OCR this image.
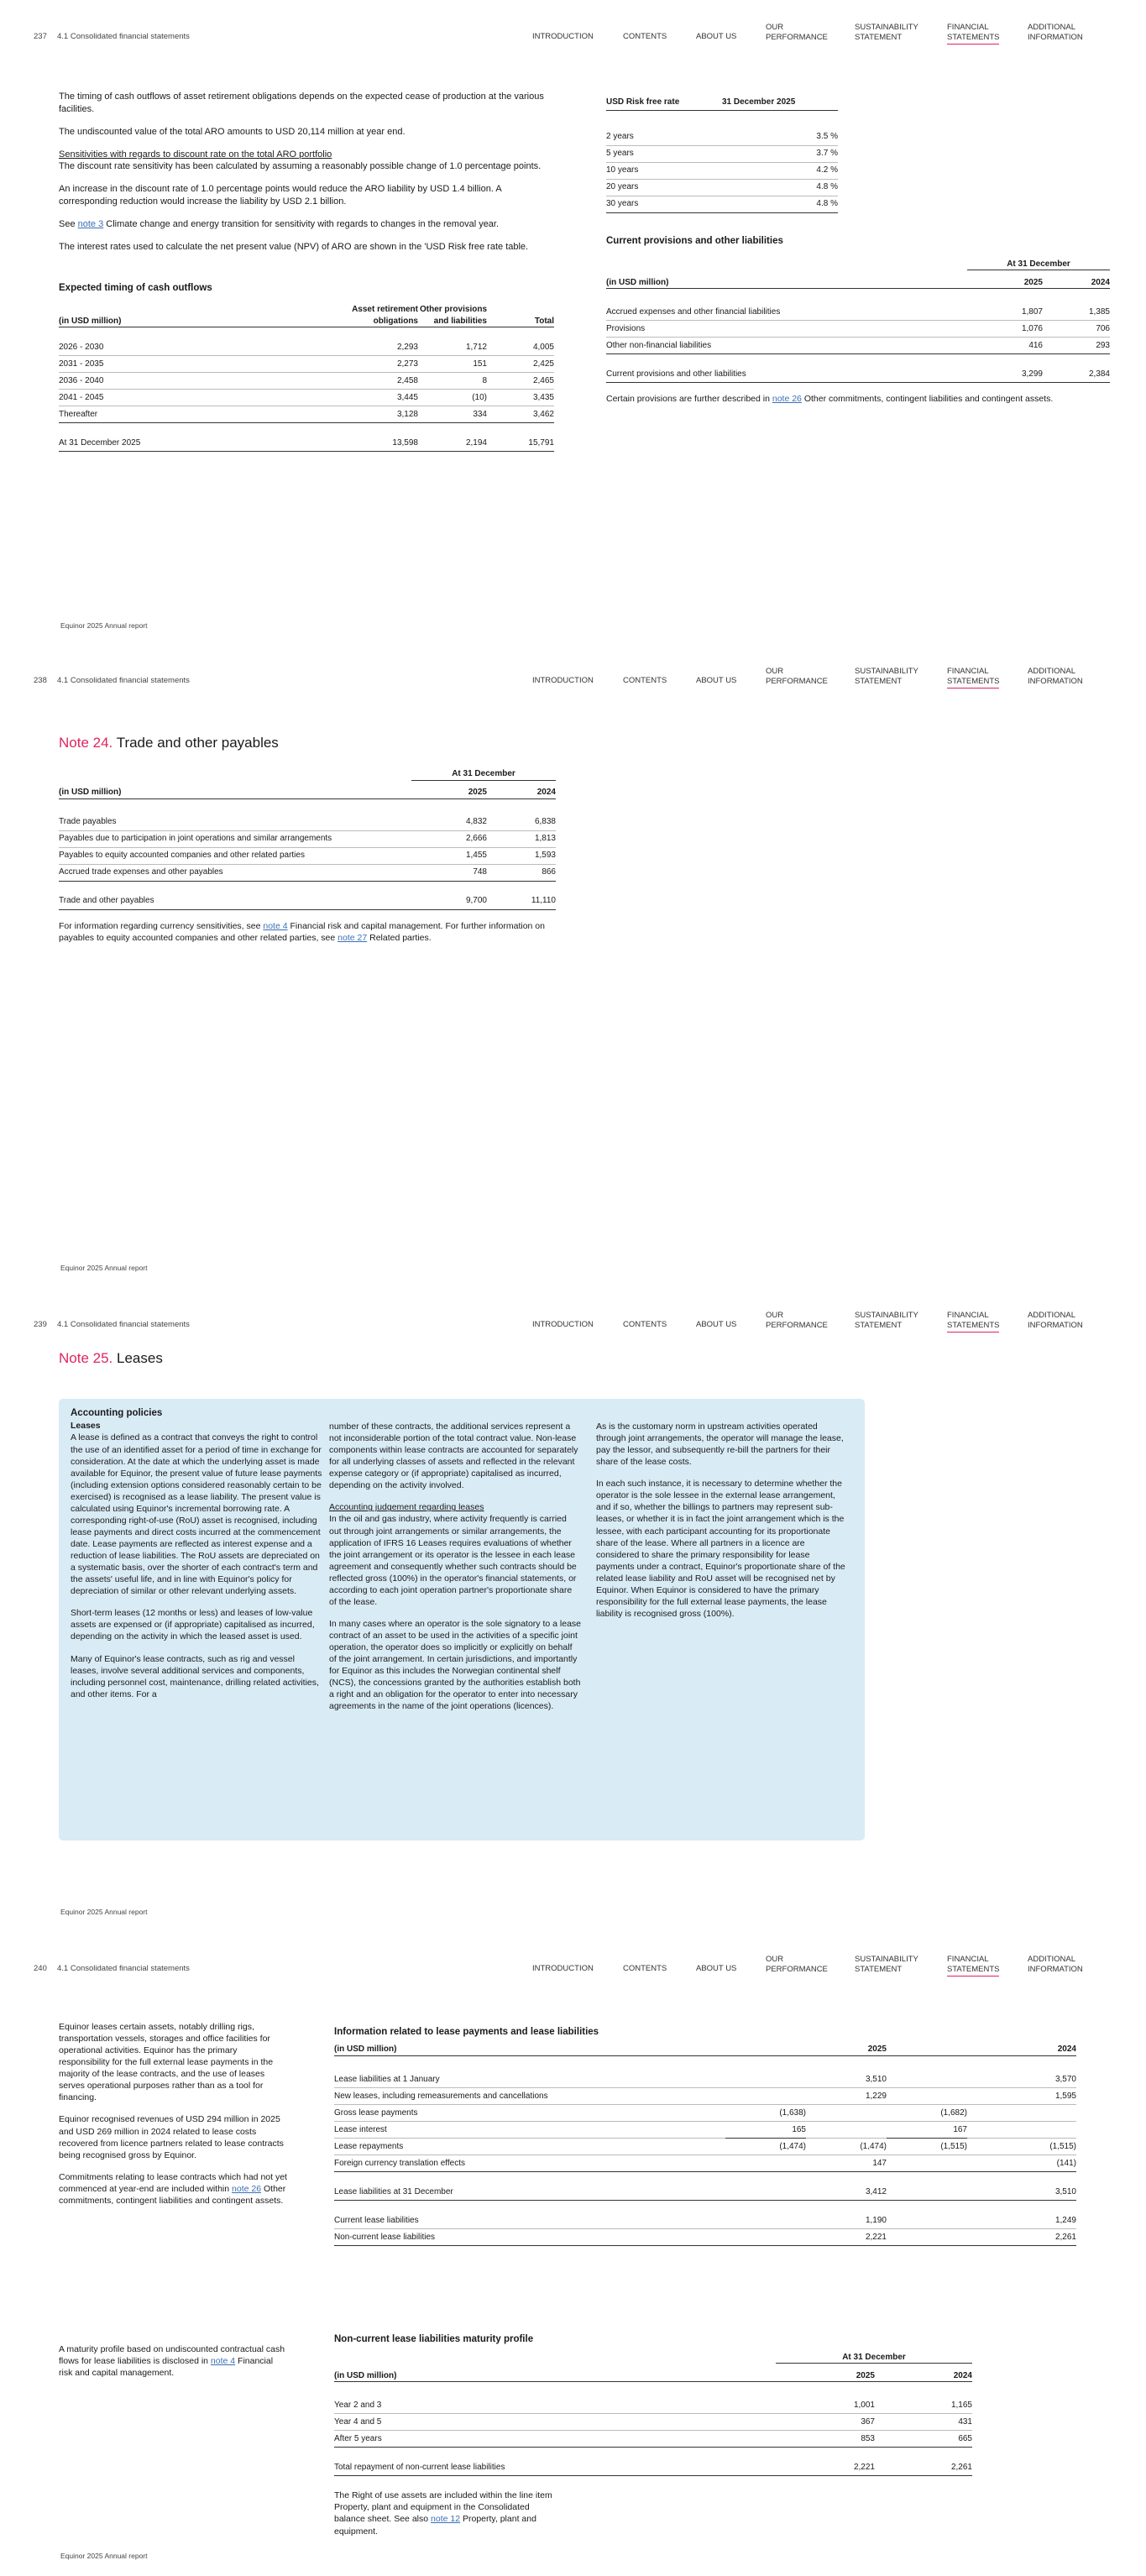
237 4.1 Consolidated financial statements	INTRODUCTION	CONTENTS	ABOUT US
OUR
PERFORMANCE
SUSTAINABILITY
STATEMENT
FINANCIAL
STATEMENTS
ADDITIONAL
INFORMATION

The timing of cash outflows of asset retirement obligations depends on the expected cease of production at the various facilities.

The undiscounted value of the total ARO amounts to USD 20,114 million at year end.

Sensitivities with regards to discount rate on the total ARO portfolio

The discount rate sensitivity has been calculated by assuming a reasonably possible change of 1.0 percentage points.

An increase in the discount rate of 1.0 percentage points would reduce the ARO liability by USD 1.4 billion. A corresponding reduction would increase the liability by USD 2.1 billion.

See note 3 Climate change and energy transition for sensitivity with regards to changes in the removal year.

The interest rates used to calculate the net present value (NPV) of ARO are shown in the 'USD Risk free rate table.

Expected timing of cash outflows
(in USD million)	Asset retirement obligations	Other provisions and liabilities	Total

2026 - 2030	2,293	1,712	4,005
2031 - 2035	2,273	151	2,425
2036 - 2040	2,458	8	2,465
2041 - 2045	3,445	(10)	3,435
Thereafter	3,128	334	3,462

At 31 December 2025	13,598	2,194	15,791
USD Risk free rate	31 December 2025

2 years	3.5 %
5 years	3.7 %
10 years	4.2 %
20 years	4.8 %
30 years	4.8 %
Current provisions and other liabilities
	At 31 December	
(in USD million)	2025	2024

Accrued expenses and other financial liabilities	1,807	1,385
Provisions	1,076	706
Other non-financial liabilities	416	293

Current provisions and other liabilities	3,299	2,384

Certain provisions are further described in note 26 Other commitments, contingent liabilities and contingent assets.

Equinor 2025 Annual report
238 4.1 Consolidated financial statements	INTRODUCTION	CONTENTS	ABOUT US
OUR
PERFORMANCE
SUSTAINABILITY
STATEMENT
FINANCIAL
STATEMENTS
ADDITIONAL
INFORMATION
Note 24. Trade and other payables
	At 31 December	
(in USD million)	2025	2024

Trade payables	4,832	6,838
Payables due to participation in joint operations and similar arrangements	2,666	1,813
Payables to equity accounted companies and other related parties	1,455	1,593
Accrued trade expenses and other payables	748	866

Trade and other payables	9,700	11,110

For information regarding currency sensitivities, see note 4 Financial risk and capital management. For further information on payables to equity accounted companies and other related parties, see note 27 Related parties.

Equinor 2025 Annual report
239 4.1 Consolidated financial statements	INTRODUCTION	CONTENTS	ABOUT US
OUR
PERFORMANCE
SUSTAINABILITY
STATEMENT
FINANCIAL
STATEMENTS
ADDITIONAL
INFORMATION
Note 25. Leases
Accounting policies
Leases

A lease is defined as a contract that conveys the right to control the use of an identified asset for a period of time in exchange for consideration. At the date at which the underlying asset is made available for Equinor, the present value of future lease payments (including extension options considered reasonably certain to be exercised) is recognised as a lease liability. The present value is calculated using Equinor's incremental borrowing rate. A corresponding right-of-use (RoU) asset is recognised, including lease payments and direct costs incurred at the commencement date. Lease payments are reflected as interest expense and a reduction of lease liabilities. The RoU assets are depreciated on a systematic basis, over the shorter of each contract's term and the assets' useful life, and in line with Equinor's policy for depreciation of similar or other relevant underlying assets.

Short-term leases (12 months or less) and leases of low-value assets are expensed or (if appropriate) capitalised as incurred, depending on the activity in which the leased asset is used.

Many of Equinor's lease contracts, such as rig and vessel leases, involve several additional services and components, including personnel cost, maintenance, drilling related activities, and other items. For a

number of these contracts, the additional services represent a not inconsiderable portion of the total contract value. Non-lease components within lease contracts are accounted for separately for all underlying classes of assets and reflected in the relevant expense category or (if appropriate) capitalised as incurred, depending on the activity involved.

Accounting judgement regarding leases

In the oil and gas industry, where activity frequently is carried out through joint arrangements or similar arrangements, the application of IFRS 16 Leases requires evaluations of whether the joint arrangement or its operator is the lessee in each lease agreement and consequently whether such contracts should be reflected gross (100%) in the operator's financial statements, or according to each joint operation partner's proportionate share of the lease.

In many cases where an operator is the sole signatory to a lease contract of an asset to be used in the activities of a specific joint operation, the operator does so implicitly or explicitly on behalf of the joint arrangement. In certain jurisdictions, and importantly for Equinor as this includes the Norwegian continental shelf (NCS), the concessions granted by the authorities establish both a right and an obligation for the operator to enter into necessary agreements in the name of the joint operations (licences).

As is the customary norm in upstream activities operated through joint arrangements, the operator will manage the lease, pay the lessor, and subsequently re-bill the partners for their share of the lease costs.

In each such instance, it is necessary to determine whether the operator is the sole lessee in the external lease arrangement, and if so, whether the billings to partners may represent sub-leases, or whether it is in fact the joint arrangement which is the lessee, with each participant accounting for its proportionate share of the lease. Where all partners in a licence are considered to share the primary responsibility for lease payments under a contract, Equinor's proportionate share of the related lease liability and RoU asset will be recognised net by Equinor. When Equinor is considered to have the primary responsibility for the full external lease payments, the lease liability is recognised gross (100%).

Equinor 2025 Annual report
240 4.1 Consolidated financial statements	INTRODUCTION	CONTENTS	ABOUT US
OUR
PERFORMANCE
SUSTAINABILITY
STATEMENT
FINANCIAL
STATEMENTS
ADDITIONAL
INFORMATION

Equinor leases certain assets, notably drilling rigs, transportation vessels, storages and office facilities for operational activities. Equinor has the primary responsibility for the full external lease payments in the majority of the lease contracts, and the use of leases serves operational purposes rather than as a tool for financing.

Equinor recognised revenues of USD 294 million in 2025 and USD 269 million in 2024 related to lease costs recovered from licence partners related to lease contracts being recognised gross by Equinor.

Commitments relating to lease contracts which had not yet commenced at year-end are included within note 26 Other commitments, contingent liabilities and contingent assets.

A maturity profile based on undiscounted contractual cash flows for lease liabilities is disclosed in note 4 Financial risk and capital management.

Information related to lease payments and lease liabilities
(in USD million)		2025		2024

Lease liabilities at 1 January		3,510		3,570
New leases, including remeasurements and cancellations		1,229		1,595
Gross lease payments	(1,638)		(1,682)	
Lease interest	165		167	
Lease repayments	(1,474)	(1,474)	(1,515)	(1,515)
Foreign currency translation effects		147		(141)

Lease liabilities at 31 December		3,412		3,510

Current lease liabilities		1,190		1,249
Non-current lease liabilities		2,221		2,261
Non-current lease liabilities maturity profile
	At 31 December	
(in USD million)	2025	2024

Year 2 and 3	1,001	1,165
Year 4 and 5	367	431
After 5 years	853	665

Total repayment of non-current lease liabilities	2,221	2,261

The Right of use assets are included within the line item Property, plant and equipment in the Consolidated balance sheet. See also note 12 Property, plant and equipment.

Equinor 2025 Annual report
